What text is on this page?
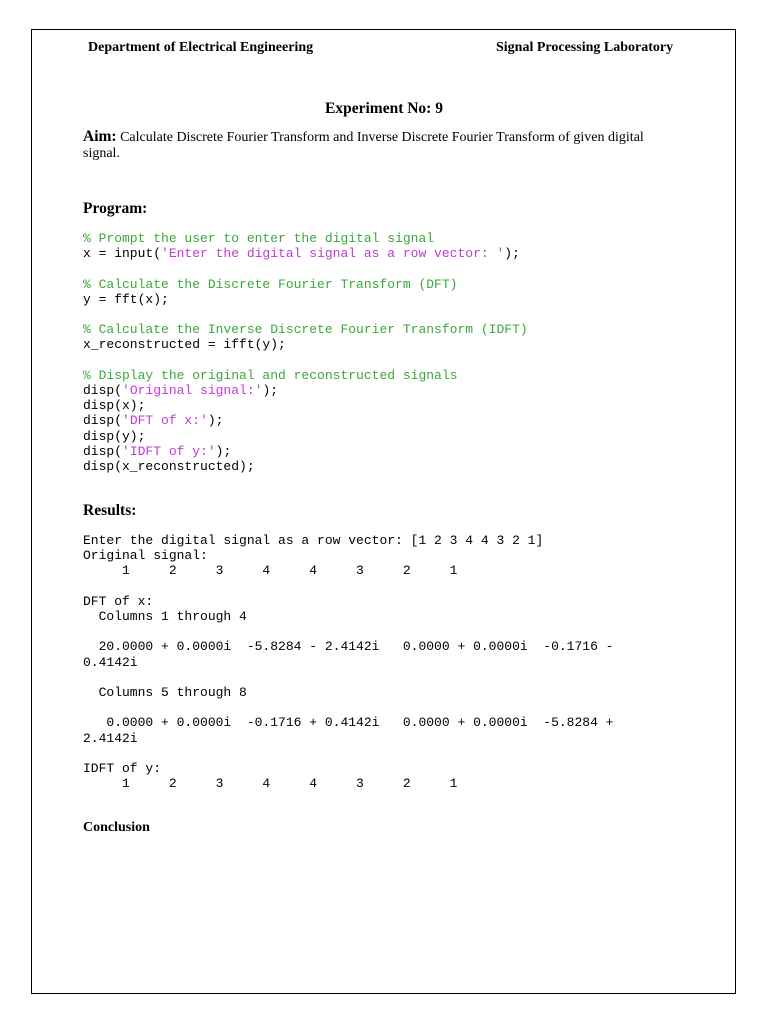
Department of Electrical Engineering	Signal Processing Laboratory
Experiment No: 9
Aim: Calculate Discrete Fourier Transform and Inverse Discrete Fourier Transform of given digital signal.
Program:
% Prompt the user to enter the digital signal
x = input('Enter the digital signal as a row vector: ');

% Calculate the Discrete Fourier Transform (DFT)
y = fft(x);

% Calculate the Inverse Discrete Fourier Transform (IDFT)
x_reconstructed = ifft(y);

% Display the original and reconstructed signals
disp('Original signal:');
disp(x);
disp('DFT of x:');
disp(y);
disp('IDFT of y:');
disp(x_reconstructed);
Results:
Enter the digital signal as a row vector: [1 2 3 4 4 3 2 1]
Original signal:
1     2     3     4     4     3     2     1

DFT of x:
Columns 1 through 4

20.0000 + 0.0000i  -5.8284 - 2.4142i   0.0000 + 0.0000i  -0.1716 -
0.4142i

Columns 5 through 8

0.0000 + 0.0000i  -0.1716 + 0.4142i   0.0000 + 0.0000i  -5.8284 +
2.4142i

IDFT of y:
1     2     3     4     4     3     2     1
Conclusion
